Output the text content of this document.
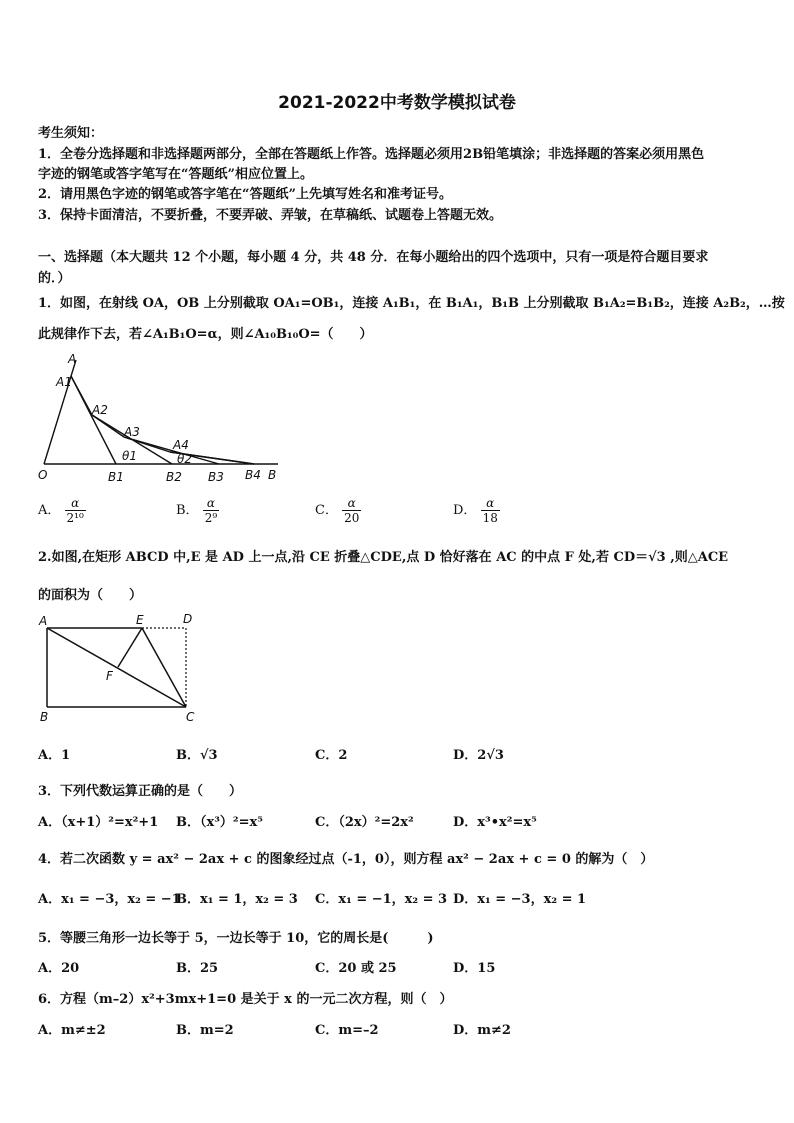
2021-2022中考数学模拟试卷
考生须知：
1．全卷分选择题和非选择题两部分，全部在答题纸上作答。选择题必须用2B铅笔填涂；非选择题的答案必须用黑色
字迹的钢笔或答字笔写在“答题纸”相应位置上。
2．请用黑色字迹的钢笔或答字笔在“答题纸”上先填写姓名和准考证号。
3．保持卡面清洁，不要折叠，不要弄破、弄皱，在草稿纸、试题卷上答题无效。
一、选择题（本大题共 12 个小题，每小题 4 分，共 48 分．在每小题给出的四个选项中，只有一项是符合题目要求
的．）
1．如图，在射线 OA，OB 上分别截取 OA₁=OB₁，连接 A₁B₁，在 B₁A₁，B₁B 上分别截取 B₁A₂=B₁B₂，连接 A₂B₂，…按
此规律作下去，若∠A₁B₁O=α，则∠A₁₀B₁₀O=（　　）
A
A1
A2
A3
A4
θ1	θ2
O	B1	B2 B3 B4 B
A． $\frac{\alpha}{\text{2¹⁰}}$	B． $\frac{\alpha}{\text{2⁹}}$	C． $\frac{\alpha}{20}$	D． $\frac{\alpha}{18}$
2.如图,在矩形 ABCD 中,E 是 AD 上一点,沿 CE 折叠△CDE,点 D 恰好落在 AC 的中点 F 处,若 CD＝√3 ,则△ACE
的面积为（　　）
A	E	D
F
B	C
A．1	B．√3	C．2	D．2√3
3．下列代数运算正确的是（　　）
A．（x+1）²=x²+1 B．（x³）²=x⁵	C．（2x）²=2x²	D．x³•x²=x⁵
4．若二次函数 y = ax² − 2ax + c 的图象经过点（-1，0），则方程 ax² − 2ax + c = 0 的解为（　）
A．x₁ = −3，x₂ = −1
B．x₁ = 1，x₂ = 3 C．x₁ = −1，x₂ = 3 D．x₁ = −3，x₂ = 1
5．等腰三角形一边长等于 5，一边长等于 10，它的周长是(　　　)
A．20	B．25	C．20 或 25	D．15
6．方程（m–2）x²+3mx+1=0 是关于 x 的一元二次方程，则（　）
A．m≠±2	B．m=2	C．m=–2	D．m≠2
